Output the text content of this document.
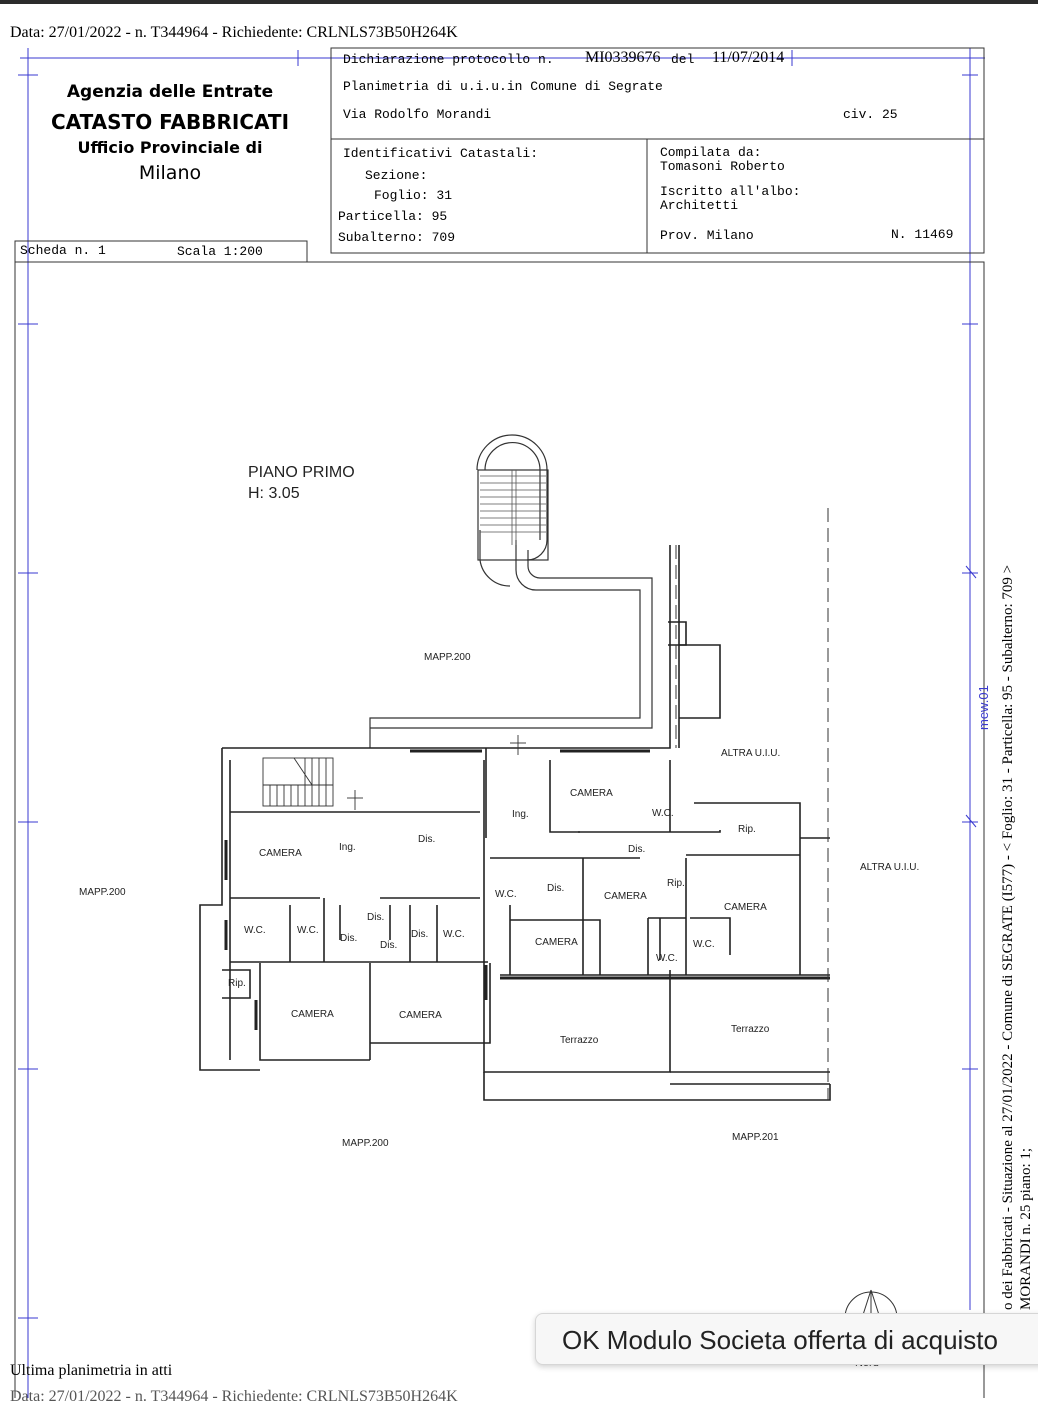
Data: 27/01/2022 - n. T344964 - Richiedente: CRLNLS73B50H264K
PIANO PRIMO
H: 3.05
MAPP.200
MAPP.200
MAPP.200
MAPP.201
ALTRA U.I.U.
ALTRA U.I.U.
CAMERA
CAMERA
CAMERA
CAMERA
CAMERA
CAMERA	CAMERA
W.C.
W.C.
W.C.	W.C.	W.C.
W.C.
W.C.
Dis.
Dis.
Dis.
Dis.
Dis.	Dis.
Dis.
Ing.
Ing.
Rip.
Rip.
Rip.
Terrazzo
Terrazzo
mew.01
Agenzia delle Entrate
CATASTO FABBRICATI
Ufficio Provinciale di
Milano
Dichiarazione protocollo n. MI0339676 del 11/07/2014
Planimetria di u.i.u.in Comune di Segrate
Via Rodolfo Morandi	civ. 25
Identificativi Catastali:
Sezione:
Foglio: 31
Particella: 95
Subalterno: 709
Compilata da:
Tomasoni Roberto
Iscritto all'albo:
Architetti
Prov. Milano	N. 11469
Scheda n. 1	Scala 1:200
o dei Fabbricati - Situazione al 27/01/2022 - Comune di SEGRATE (I577) - < Foglio: 31 - Particella: 95 - Subalterno: 709 > MORANDI n. 25 piano: 1;
OK Modulo Societa offerta di acquisto
Ultima planimetria in atti
Data: 27/01/2022 - n. T344964 - Richiedente: CRLNLS73B50H264K
